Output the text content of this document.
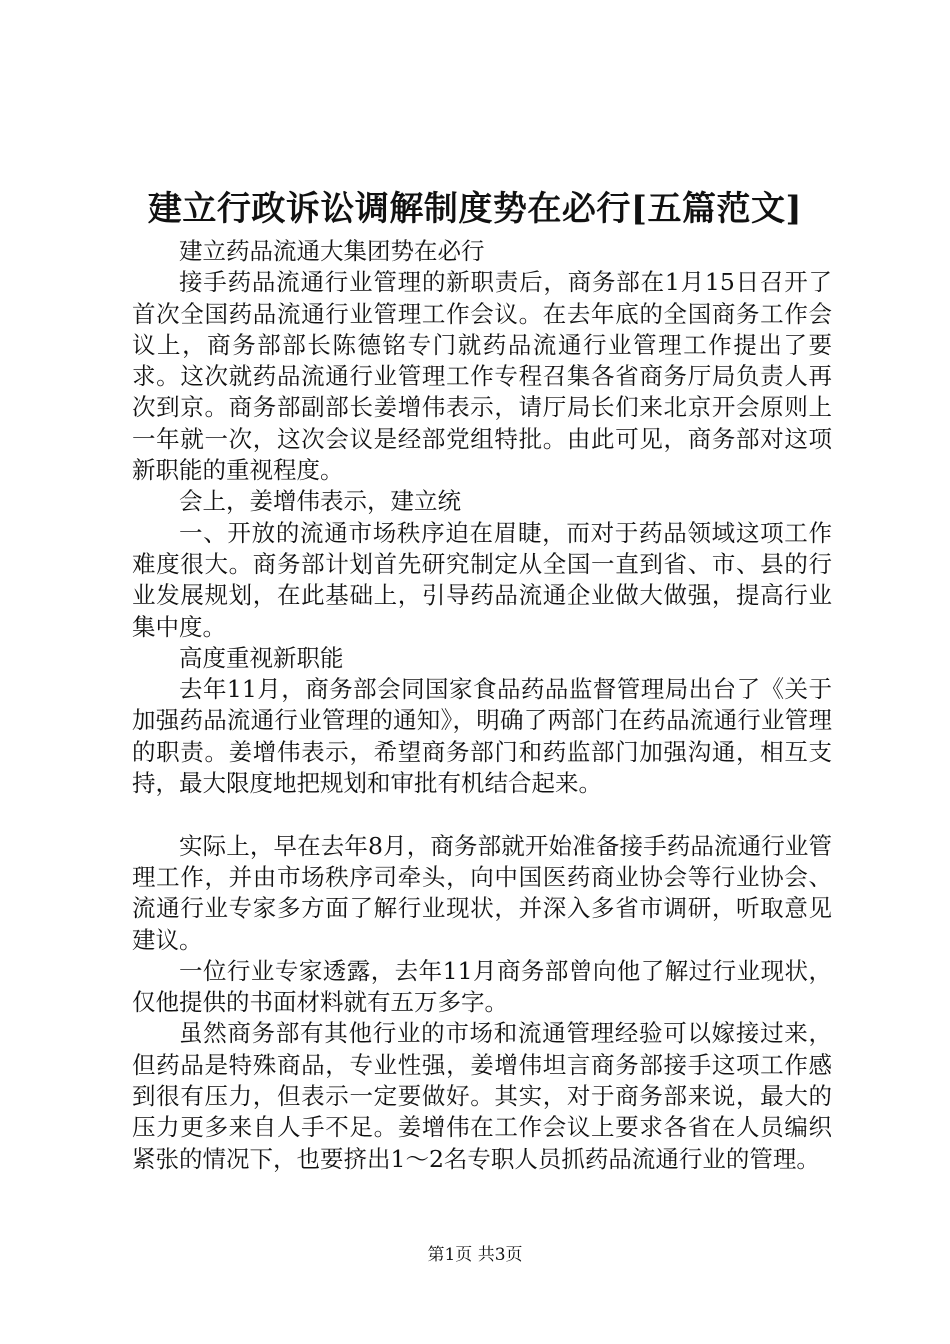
建立行政诉讼调解制度势在必行[五篇范文]

建立药品流通大集团势在必行

接手药品流通行业管理的新职责后，商务部在1月15日召开了首次全国药品流通行业管理工作会议。在去年底的全国商务工作会议上，商务部部长陈德铭专门就药品流通行业管理工作提出了要求。这次就药品流通行业管理工作专程召集各省商务厅局负责人再次到京。商务部副部长姜增伟表示，请厅局长们来北京开会原则上一年就一次，这次会议是经部党组特批。由此可见，商务部对这项新职能的重视程度。

会上，姜增伟表示，建立统

一、开放的流通市场秩序迫在眉睫，而对于药品领域这项工作难度很大。商务部计划首先研究制定从全国一直到省、市、县的行业发展规划，在此基础上，引导药品流通企业做大做强，提高行业集中度。

高度重视新职能

去年11月，商务部会同国家食品药品监督管理局出台了《关于加强药品流通行业管理的通知》，明确了两部门在药品流通行业管理的职责。姜增伟表示，希望商务部门和药监部门加强沟通，相互支持，最大限度地把规划和审批有机结合起来。

实际上，早在去年8月，商务部就开始准备接手药品流通行业管理工作，并由市场秩序司牵头，向中国医药商业协会等行业协会、流通行业专家多方面了解行业现状，并深入多省市调研，听取意见建议。

一位行业专家透露，去年11月商务部曾向他了解过行业现状，仅他提供的书面材料就有五万多字。

虽然商务部有其他行业的市场和流通管理经验可以嫁接过来，但药品是特殊商品，专业性强，姜增伟坦言商务部接手这项工作感到很有压力，但表示一定要做好。其实，对于商务部来说，最大的压力更多来自人手不足。姜增伟在工作会议上要求各省在人员编织紧张的情况下，也要挤出1～2名专职人员抓药品流通行业的管理。

第1页 共3页
